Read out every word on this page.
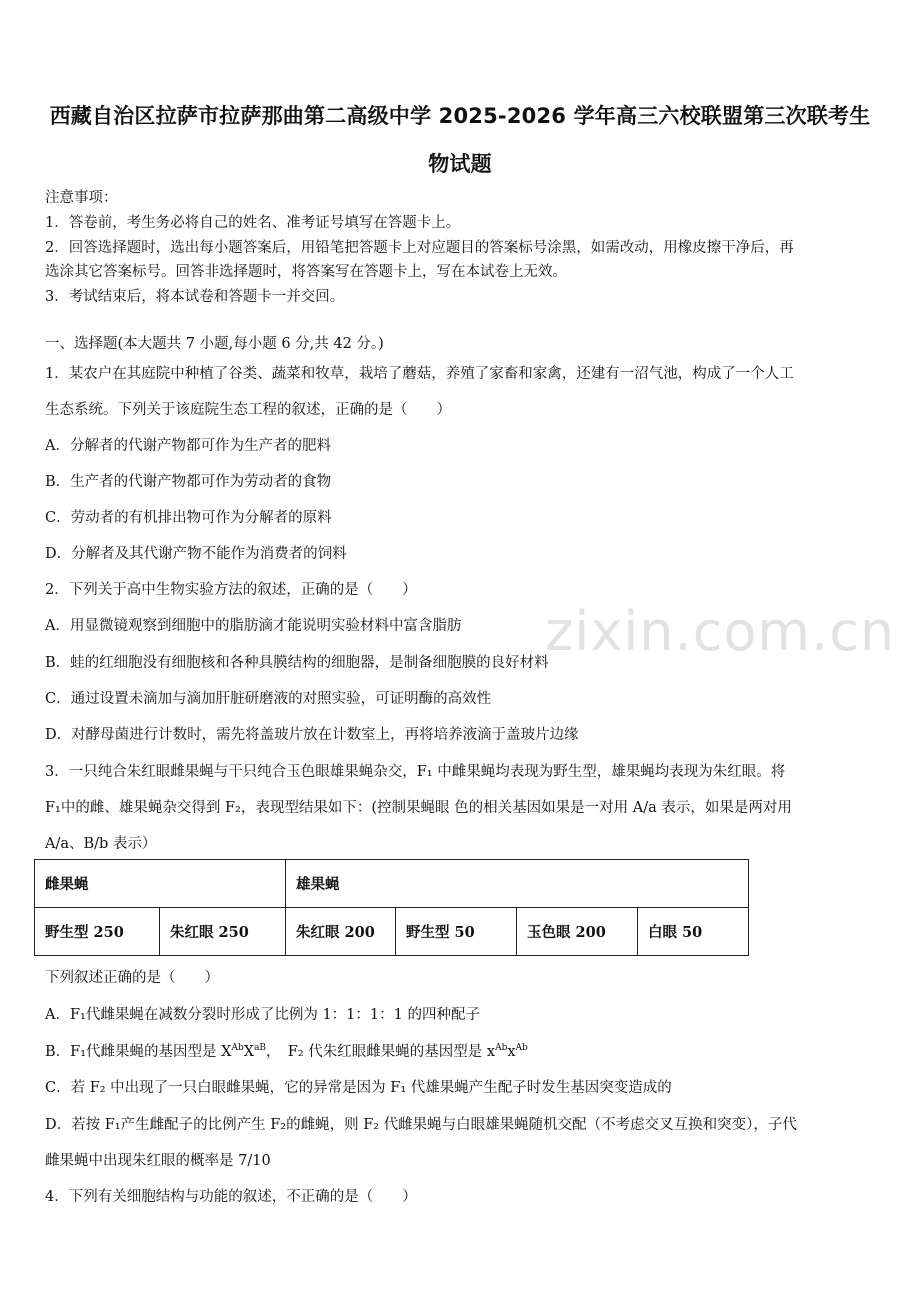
西藏自治区拉萨市拉萨那曲第二高级中学 2025-2026 学年高三六校联盟第三次联考生
物试题
注意事项：
1．答卷前，考生务必将自己的姓名、准考证号填写在答题卡上。
2．回答选择题时，选出每小题答案后，用铅笔把答题卡上对应题目的答案标号涂黑，如需改动，用橡皮擦干净后，再
选涂其它答案标号。回答非选择题时，将答案写在答题卡上，写在本试卷上无效。
3．考试结束后，将本试卷和答题卡一并交回。
一、选择题(本大题共 7 小题,每小题 6 分,共 42 分。)
1．某农户在其庭院中种植了谷类、蔬菜和牧草，栽培了蘑菇，养殖了家畜和家禽，还建有一沼气池，构成了一个人工
生态系统。下列关于该庭院生态工程的叙述，正确的是（　　）
A．分解者的代谢产物都可作为生产者的肥料
B．生产者的代谢产物都可作为劳动者的食物
C．劳动者的有机排出物可作为分解者的原料
D．分解者及其代谢产物不能作为消费者的饲料
2．下列关于高中生物实验方法的叙述，正确的是（　　）
A．用显微镜观察到细胞中的脂肪滴才能说明实验材料中富含脂肪
B．蛙的红细胞没有细胞核和各种具膜结构的细胞器，是制备细胞膜的良好材料
C．通过设置未滴加与滴加肝脏研磨液的对照实验，可证明酶的高效性
D．对酵母菌进行计数时，需先将盖玻片放在计数室上，再将培养液滴于盖玻片边缘
3．一只纯合朱红眼雌果蝇与干只纯合玉色眼雄果蝇杂交，F₁ 中雌果蝇均表现为野生型，雄果蝇均表现为朱红眼。将
F₁中的雌、雄果蝇杂交得到 F₂，表现型结果如下：(控制果蝇眼 色的相关基因如果是一对用 A/a 表示，如果是两对用
A/a、B/b 表示）
雌果蝇		雄果蝇			
野生型 250	朱红眼 250	朱红眼 200	野生型 50	玉色眼 200	白眼 50
下列叙述正确的是（　　）
A．F₁代雌果蝇在减数分裂时形成了比例为 1：1：1：1 的四种配子
B．F₁代雌果蝇的基因型是 $X^{Ab}X^{aB}$，　F₂ 代朱红眼雌果蝇的基因型是 $x^{Ab}x^{Ab}$
C．若 F₂ 中出现了一只白眼雌果蝇，它的异常是因为 F₁ 代雄果蝇产生配子时发生基因突变造成的
D．若按 F₁产生雌配子的比例产生 F₂的雌蝇，则 F₂ 代雌果蝇与白眼雄果蝇随机交配（不考虑交叉互换和突变），子代
雌果蝇中出现朱红眼的概率是 7/10
4．下列有关细胞结构与功能的叙述，不正确的是（　　）
zixin.com.cn
